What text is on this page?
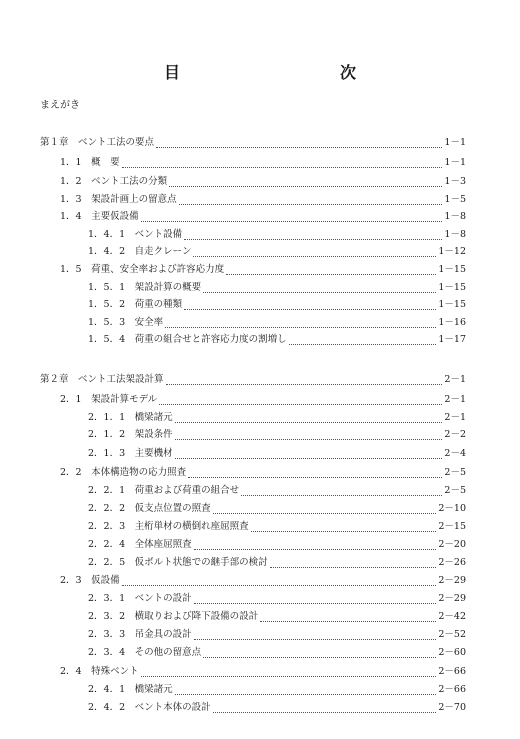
目　次
まえがき
第１章　ベント工法の要点	1－1
1．1　概　要	1－1
1．2　ベント工法の分類	1－3
1．3　架設計画上の留意点	1－5
1．4　主要仮設備	1－8
1．4．1　ベント設備	1－8
1．4．2　自走クレーン	1－12
1．5　荷重、安全率および許容応力度	1－15
1．5．1　架設計算の概要	1－15
1．5．2　荷重の種類	1－15
1．5．3　安全率	1－16
1．5．4　荷重の組合せと許容応力度の割増し	1－17
第２章　ベント工法架設計算	2－1
2．1　架設計算モデル	2－1
2．1．1　橋梁諸元	2－1
2．1．2　架設条件	2－2
2．1．3　主要機材	2－4
2．2　本体構造物の応力照査	2－5
2．2．1　荷重および荷重の組合せ	2－5
2．2．2　仮支点位置の照査	2－10
2．2．3　主桁単材の横倒れ座屈照査	2－15
2．2．4　全体座屈照査	2－20
2．2．5　仮ボルト状態での継手部の検討	2－26
2．3　仮設備	2－29
2．3．1　ベントの設計	2－29
2．3．2　横取りおよび降下設備の設計	2－42
2．3．3　吊金具の設計	2－52
2．3．4　その他の留意点	2－60
2．4　特殊ベント	2－66
2．4．1　橋梁諸元	2－66
2．4．2　ベント本体の設計	2－70
